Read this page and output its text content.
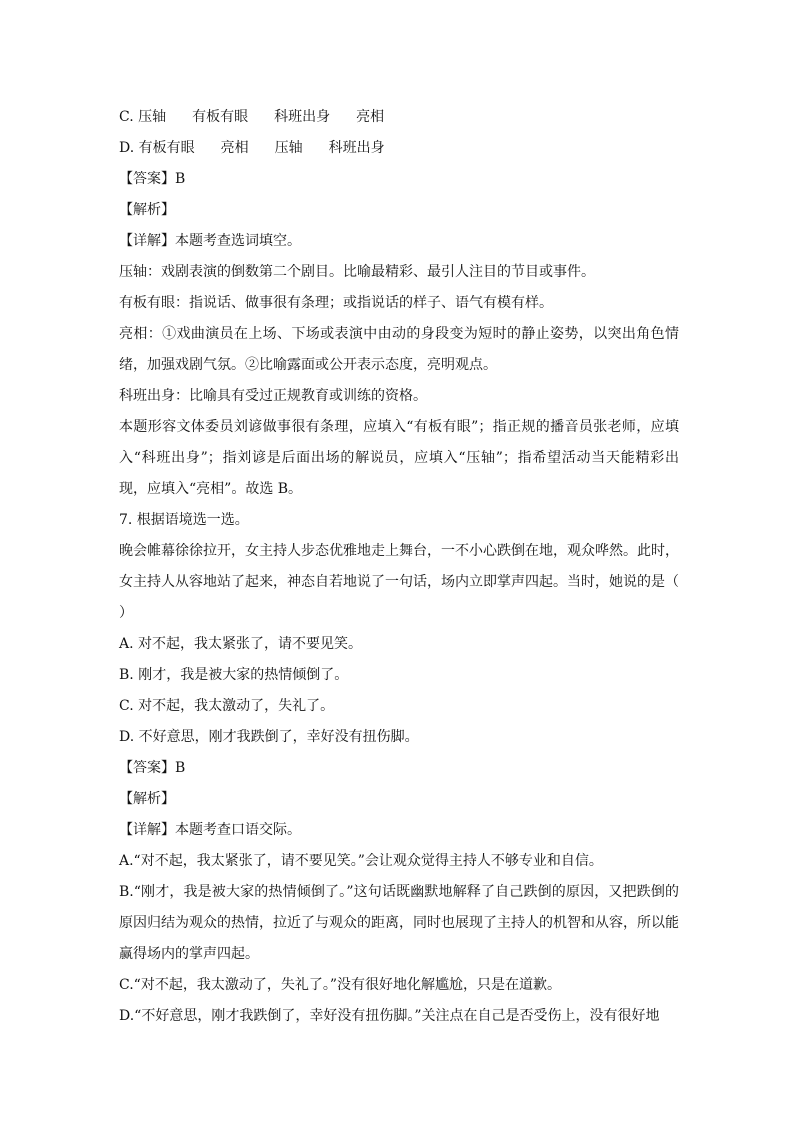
C. 压轴 有板有眼 科班出身 亮相

D. 有板有眼 亮相 压轴 科班出身

【答案】B

【解析】

【详解】本题考查选词填空。

压轴：戏剧表演的倒数第二个剧目。比喻最精彩、最引人注目的节目或事件。

有板有眼：指说话、做事很有条理；或指说话的样子、语气有模有样。

亮相：①戏曲演员在上场、下场或表演中由动的身段变为短时的静止姿势，以突出角色情绪，加强戏剧气氛。②比喻露面或公开表示态度，亮明观点。

科班出身：比喻具有受过正规教育或训练的资格。

本题形容文体委员刘谚做事很有条理，应填入“有板有眼”；指正规的播音员张老师，应填入“科班出身”；指刘谚是后面出场的解说员，应填入“压轴”；指希望活动当天能精彩出现，应填入“亮相”。故选 B。

7. 根据语境选一选。

晚会帷幕徐徐拉开，女主持人步态优雅地走上舞台，一不小心跌倒在地，观众哗然。此时，女主持人从容地站了起来，神态自若地说了一句话，场内立即掌声四起。当时，她说的是（　　）

A. 对不起，我太紧张了，请不要见笑。

B. 刚才，我是被大家的热情倾倒了。

C. 对不起，我太激动了，失礼了。

D. 不好意思，刚才我跌倒了，幸好没有扭伤脚。

【答案】B

【解析】

【详解】本题考查口语交际。

A.“对不起，我太紧张了，请不要见笑。”会让观众觉得主持人不够专业和自信。

B.“刚才，我是被大家的热情倾倒了。”这句话既幽默地解释了自己跌倒的原因，又把跌倒的原因归结为观众的热情，拉近了与观众的距离，同时也展现了主持人的机智和从容，所以能赢得场内的掌声四起。

C.“对不起，我太激动了，失礼了。”没有很好地化解尴尬，只是在道歉。

D.“不好意思，刚才我跌倒了，幸好没有扭伤脚。”关注点在自己是否受伤上，没有很好地
